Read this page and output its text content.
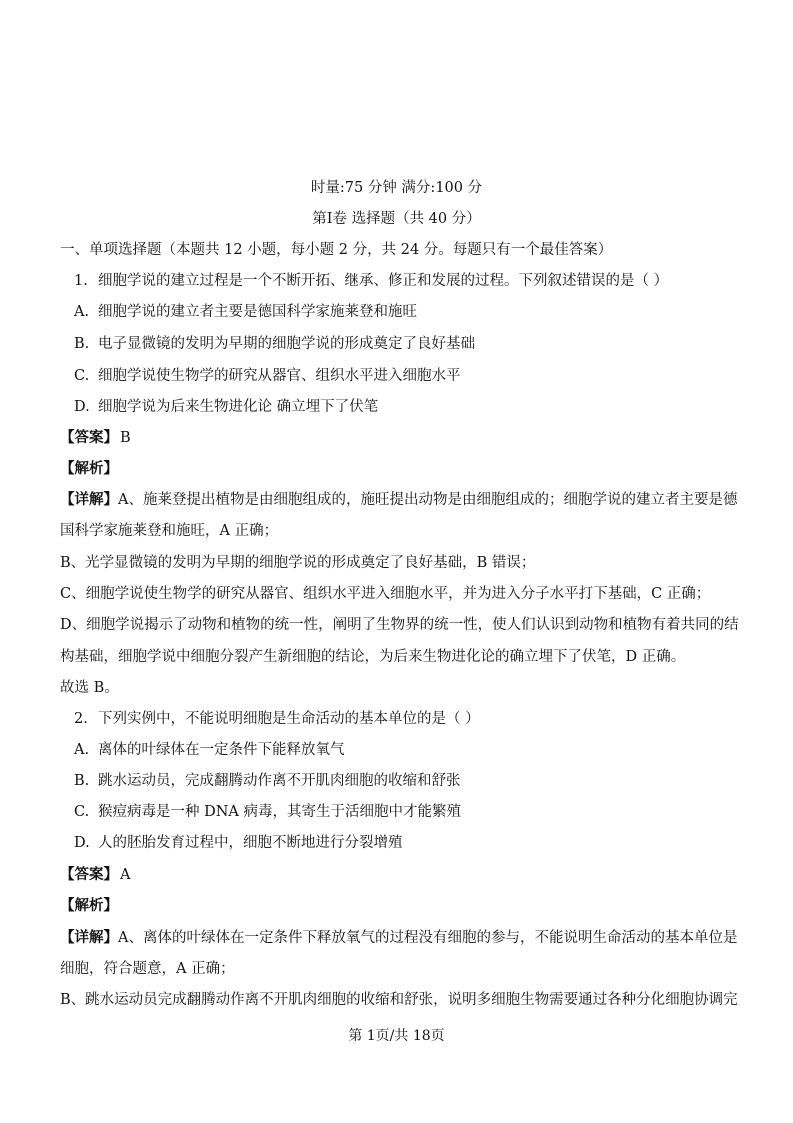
时量:75 分钟 满分:100 分
第Ⅰ卷 选择题（共 40 分）
一、单项选择题（本题共 12 小题，每小题 2 分，共 24 分。每题只有一个最佳答案）
1. 细胞学说的建立过程是一个不断开拓、继承、修正和发展的过程。下列叙述错误的是（ ）
A. 细胞学说的建立者主要是德国科学家施莱登和施旺
B. 电子显微镜的发明为早期的细胞学说的形成奠定了良好基础
C. 细胞学说使生物学的研究从器官、组织水平进入细胞水平
D. 细胞学说为后来生物进化论 确立埋下了伏笔
【答案】 B
【解析】
【详解】A、施莱登提出植物是由细胞组成的，施旺提出动物是由细胞组成的；细胞学说的建立者主要是德
国科学家施莱登和施旺，A 正确；
B、光学显微镜的发明为早期的细胞学说的形成奠定了良好基础，B 错误；
C、细胞学说使生物学的研究从器官、组织水平进入细胞水平，并为进入分子水平打下基础，C 正确；
D、细胞学说揭示了动物和植物的统一性，阐明了生物界的统一性，使人们认识到动物和植物有着共同的结
构基础，细胞学说中细胞分裂产生新细胞的结论，为后来生物进化论的确立埋下了伏笔，D 正确。
故选 B。
2. 下列实例中，不能说明细胞是生命活动的基本单位的是（ ）
A. 离体的叶绿体在一定条件下能释放氧气
B. 跳水运动员，完成翻腾动作离不开肌肉细胞的收缩和舒张
C. 猴痘病毒是一种 DNA 病毒，其寄生于活细胞中才能繁殖
D. 人的胚胎发育过程中，细胞不断地进行分裂增殖
【答案】 A
【解析】
【详解】A、离体的叶绿体在一定条件下释放氧气的过程没有细胞的参与，不能说明生命活动的基本单位是
细胞，符合题意，A 正确；
B、跳水运动员完成翻腾动作离不开肌肉细胞的收缩和舒张，说明多细胞生物需要通过各种分化细胞协调完
第 1页/共 18页
